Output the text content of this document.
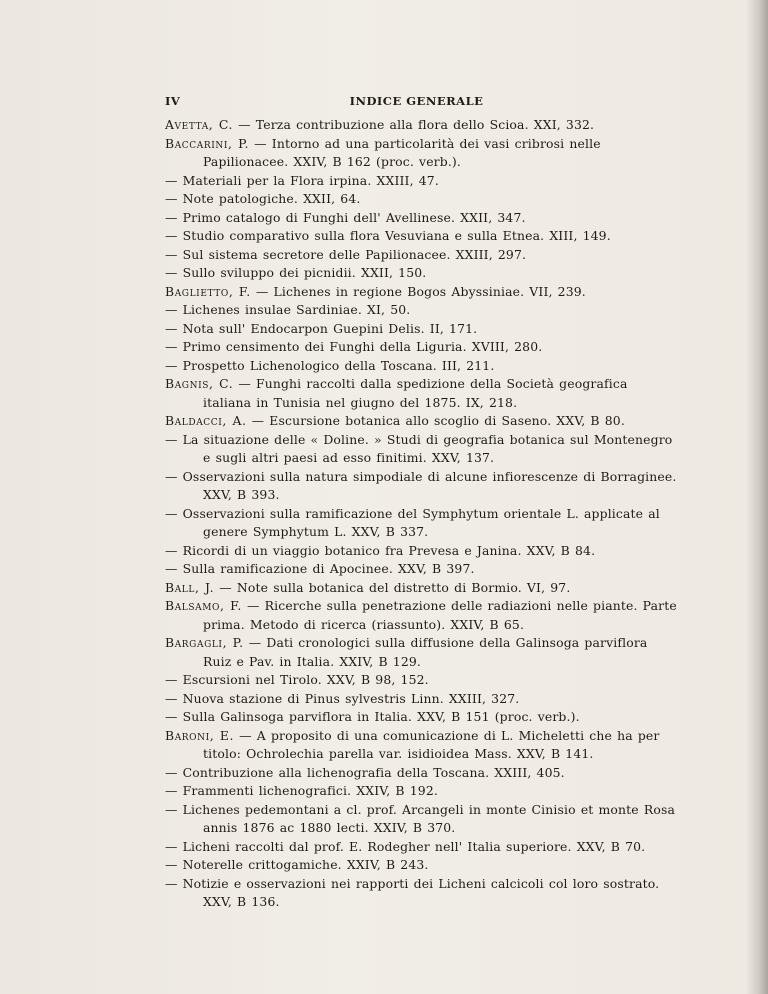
IV	INDICE GENERALE
Avetta, C. — Terza contribuzione alla flora dello Scioa. XXI, 332.
Baccarini, P. — Intorno ad una particolarità dei vasi cribrosi nelle Papilionacee. XXIV, B 162 (proc. verb.).
— Materiali per la Flora irpina. XXIII, 47.
— Note patologiche. XXII, 64.
— Primo catalogo di Funghi dell' Avellinese. XXII, 347.
— Studio comparativo sulla flora Vesuviana e sulla Etnea. XIII, 149.
— Sul sistema secretore delle Papilionacee. XXIII, 297.
— Sullo sviluppo dei picnidii. XXII, 150.
Baglietto, F. — Lichenes in regione Bogos Abyssiniae. VII, 239.
— Lichenes insulae Sardiniae. XI, 50.
— Nota sull' Endocarpon Guepini Delis. II, 171.
— Primo censimento dei Funghi della Liguria. XVIII, 280.
— Prospetto Lichenologico della Toscana. III, 211.
Bagnis, C. — Funghi raccolti dalla spedizione della Società geografica italiana in Tunisia nel giugno del 1875. IX, 218.
Baldacci, A. — Escursione botanica allo scoglio di Saseno. XXV, B 80.
— La situazione delle « Doline. » Studi di geografia botanica sul Montenegro e sugli altri paesi ad esso finitimi. XXV, 137.
— Osservazioni sulla natura simpodiale di alcune infiorescenze di Borraginee. XXV, B 393.
— Osservazioni sulla ramificazione del Symphytum orientale L. applicate al genere Symphytum L. XXV, B 337.
— Ricordi di un viaggio botanico fra Prevesa e Janina. XXV, B 84.
— Sulla ramificazione di Apocinee. XXV, B 397.
Ball, J. — Note sulla botanica del distretto di Bormio. VI, 97.
Balsamo, F. — Ricerche sulla penetrazione delle radiazioni nelle piante. Parte prima. Metodo di ricerca (riassunto). XXIV, B 65.
Bargagli, P. — Dati cronologici sulla diffusione della Galinsoga parviflora Ruiz e Pav. in Italia. XXIV, B 129.
— Escursioni nel Tirolo. XXV, B 98, 152.
— Nuova stazione di Pinus sylvestris Linn. XXIII, 327.
— Sulla Galinsoga parviflora in Italia. XXV, B 151 (proc. verb.).
Baroni, E. — A proposito di una comunicazione di L. Micheletti che ha per titolo: Ochrolechia parella var. isidioidea Mass. XXV, B 141.
— Contribuzione alla lichenografia della Toscana. XXIII, 405.
— Frammenti lichenografici. XXIV, B 192.
— Lichenes pedemontani a cl. prof. Arcangeli in monte Cinisio et monte Rosa annis 1876 ac 1880 lecti. XXIV, B 370.
— Licheni raccolti dal prof. E. Rodegher nell' Italia superiore. XXV, B 70.
— Noterelle crittogamiche. XXIV, B 243.
— Notizie e osservazioni nei rapporti dei Licheni calcicoli col loro sostrato. XXV, B 136.
